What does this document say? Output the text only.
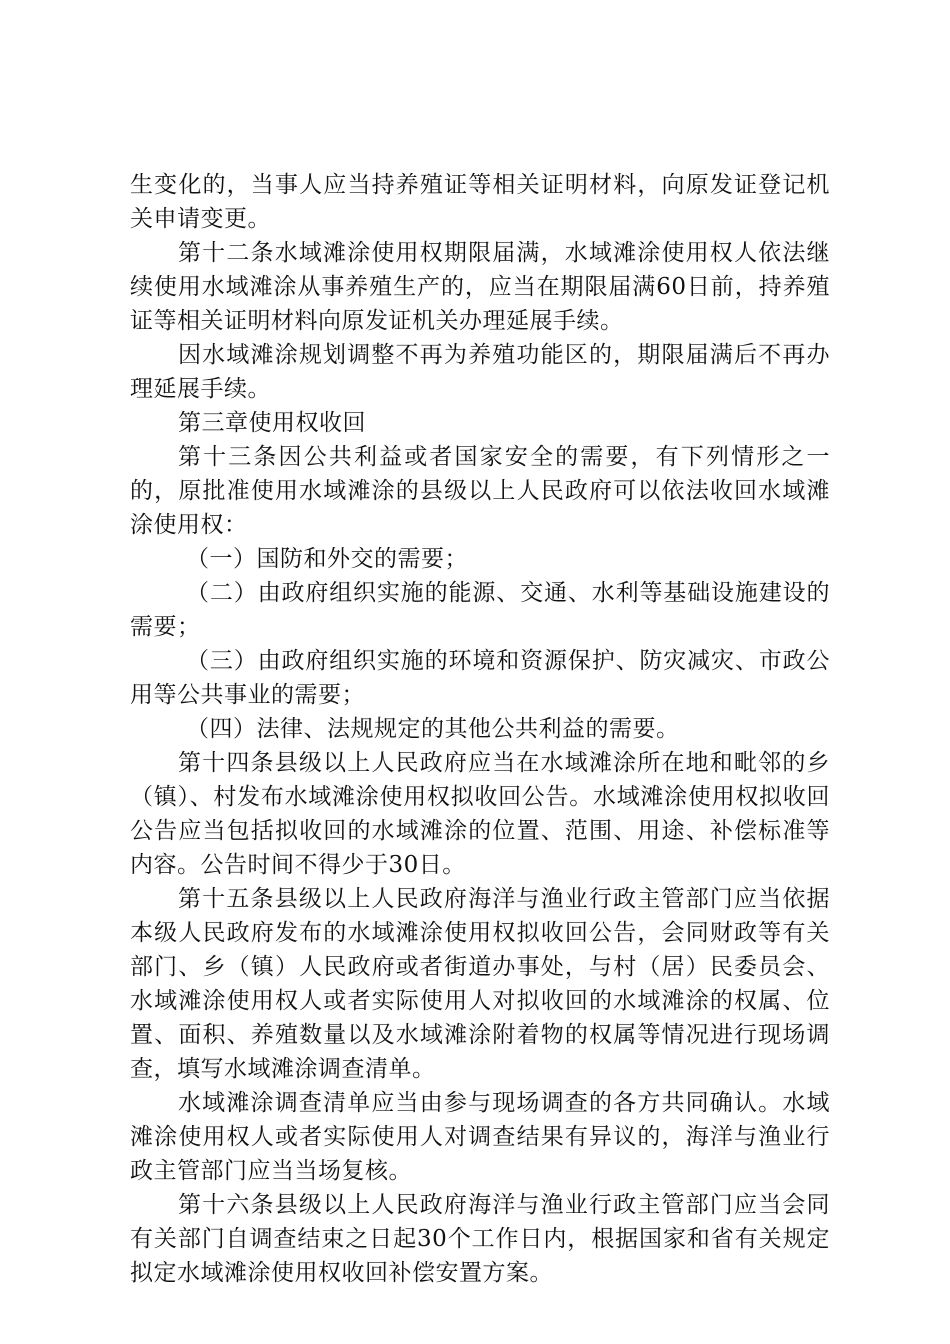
生变化的，当事人应当持养殖证等相关证明材料，向原发证登记机关申请变更。

第十二条水域滩涂使用权期限届满，水域滩涂使用权人依法继续使用水域滩涂从事养殖生产的，应当在期限届满60日前，持养殖证等相关证明材料向原发证机关办理延展手续。

因水域滩涂规划调整不再为养殖功能区的，期限届满后不再办理延展手续。

第三章使用权收回

第十三条因公共利益或者国家安全的需要，有下列情形之一的，原批准使用水域滩涂的县级以上人民政府可以依法收回水域滩涂使用权：

（一）国防和外交的需要；

（二）由政府组织实施的能源、交通、水利等基础设施建设的需要；

（三）由政府组织实施的环境和资源保护、防灾减灾、市政公用等公共事业的需要；

（四）法律、法规规定的其他公共利益的需要。

第十四条县级以上人民政府应当在水域滩涂所在地和毗邻的乡（镇）、村发布水域滩涂使用权拟收回公告。水域滩涂使用权拟收回公告应当包括拟收回的水域滩涂的位置、范围、用途、补偿标准等内容。公告时间不得少于30日。

第十五条县级以上人民政府海洋与渔业行政主管部门应当依据本级人民政府发布的水域滩涂使用权拟收回公告，会同财政等有关部门、乡（镇）人民政府或者街道办事处，与村（居）民委员会、水域滩涂使用权人或者实际使用人对拟收回的水域滩涂的权属、位置、面积、养殖数量以及水域滩涂附着物的权属等情况进行现场调查，填写水域滩涂调查清单。

水域滩涂调查清单应当由参与现场调查的各方共同确认。水域滩涂使用权人或者实际使用人对调查结果有异议的，海洋与渔业行政主管部门应当当场复核。

第十六条县级以上人民政府海洋与渔业行政主管部门应当会同有关部门自调查结束之日起30个工作日内，根据国家和省有关规定拟定水域滩涂使用权收回补偿安置方案。
